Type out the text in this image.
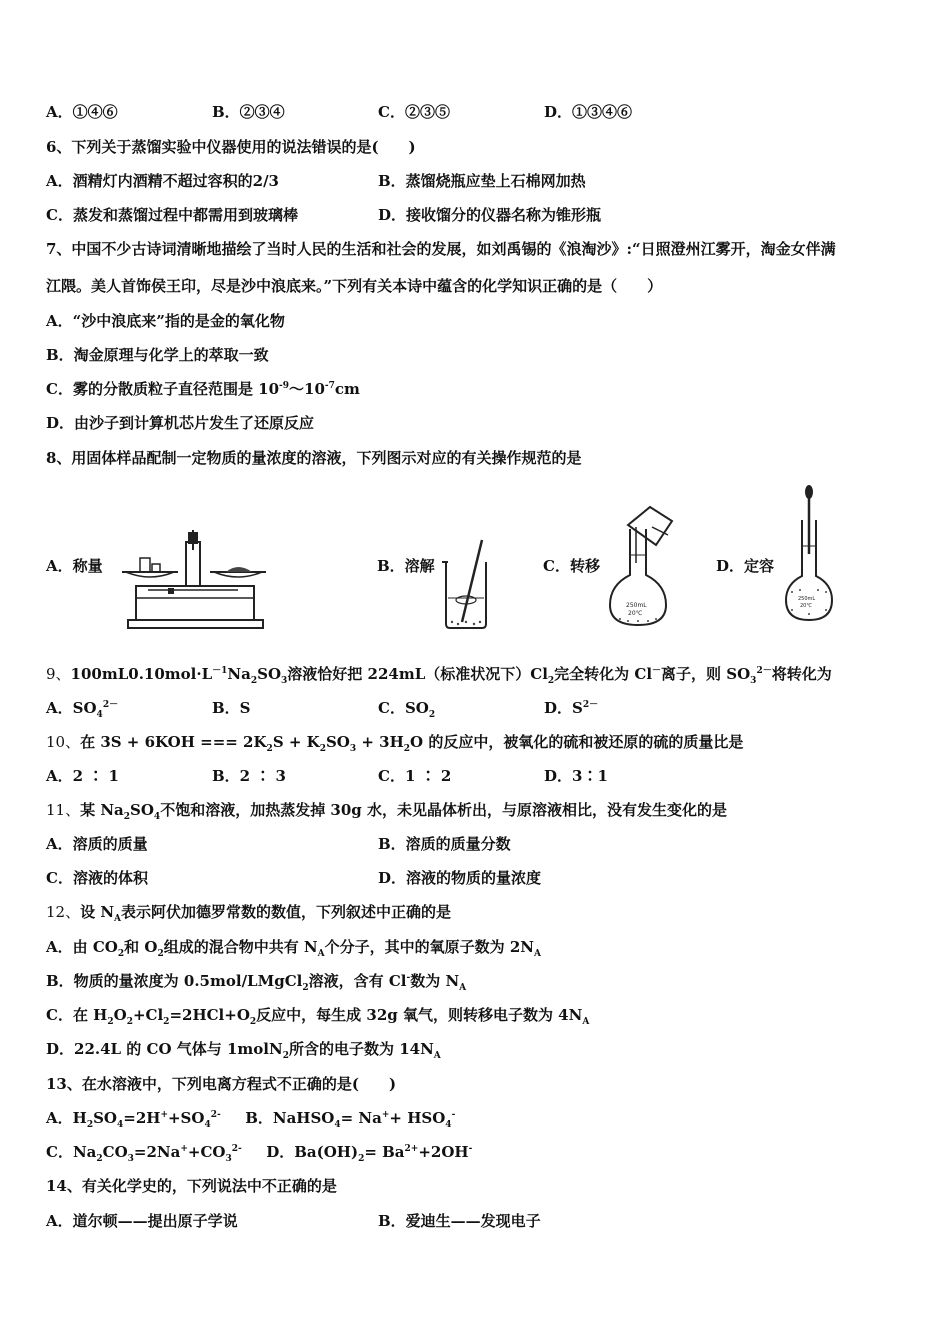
A．①④⑥	B．②③④	C．②③⑤	D．①③④⑥
6、下列关于蒸馏实验中仪器使用的说法错误的是(　　)
A．酒精灯内酒精不超过容积的2/3	B．蒸馏烧瓶应垫上石棉网加热
C．蒸发和蒸馏过程中都需用到玻璃棒	D．接收馏分的仪器名称为锥形瓶
7、中国不少古诗词清晰地描绘了当时人民的生活和社会的发展，如刘禹锡的《浪淘沙》:“日照澄州江雾开，淘金女伴满
江隈。美人首饰侯王印，尽是沙中浪底来。”下列有关本诗中蕴含的化学知识正确的是（　　）
A．“沙中浪底来”指的是金的氧化物
B．淘金原理与化学上的萃取一致
C．雾的分散质粒子直径范围是 $10^{-9}\sim 10^{-7}cm$
D．由沙子到计算机芯片发生了还原反应
8、用固体样品配制一定物质的量浓度的溶液，下列图示对应的有关操作规范的是
A．称量	B．溶解	C．转移
250mL
20℃
D．定容
250mL
20℃
9、$100mL0.10mol\cdot L^{-1}Na_2SO_3$溶液恰好把 224mL（标准状况下）$Cl_2$完全转化为 Cl－离子，则 $SO_3^{2-}$将转化为
A．$SO_4^{2-}$	B．S	C．$SO_2$	D．$S^{2-}$
10、在 3S + 6KOH === $2K_2S + K_2SO_3 + 3H_2O$ 的反应中，被氧化的硫和被还原的硫的质量比是
A．2 ∶ 1	B．2 ∶ 3	C．1 ∶ 2	D．3∶1
11、某 $Na_2SO_4$不饱和溶液，加热蒸发掉 30g 水，未见晶体析出，与原溶液相比，没有发生变化的是
A．溶质的质量	B．溶质的质量分数
C．溶液的体积	D．溶液的物质的量浓度
12、设 $N_A$表示阿伏加德罗常数的数值，下列叙述中正确的是
A．由 $CO_2$和 $O_2$组成的混合物中共有 $N_A$个分子，其中的氧原子数为 $2N_A$
B．物质的量浓度为 0.5mol/LMgCl$_2$溶液，含有 Cl-数为 $N_A$
C．在 $H_2O_2+Cl_2=2HCl+O_2$反应中，每生成 32g 氧气，则转移电子数为 $4N_A$
D．22.4L 的 CO 气体与 1molN$_2$所含的电子数为 $14N_A$
13、在水溶液中，下列电离方程式不正确的是(　　)
A．$H_2SO_4=2H^++SO_4^{2-}$ B．NaHSO$_4$= $Na^++ HSO_4^-$
C．$Na_2CO_3=2Na^++CO_3^{2-}$ D．$Ba(OH)_2= Ba^{2+}+2OH^-$
14、有关化学史的，下列说法中不正确的是
A．道尔顿——提出原子学说	B．爱迪生——发现电子
